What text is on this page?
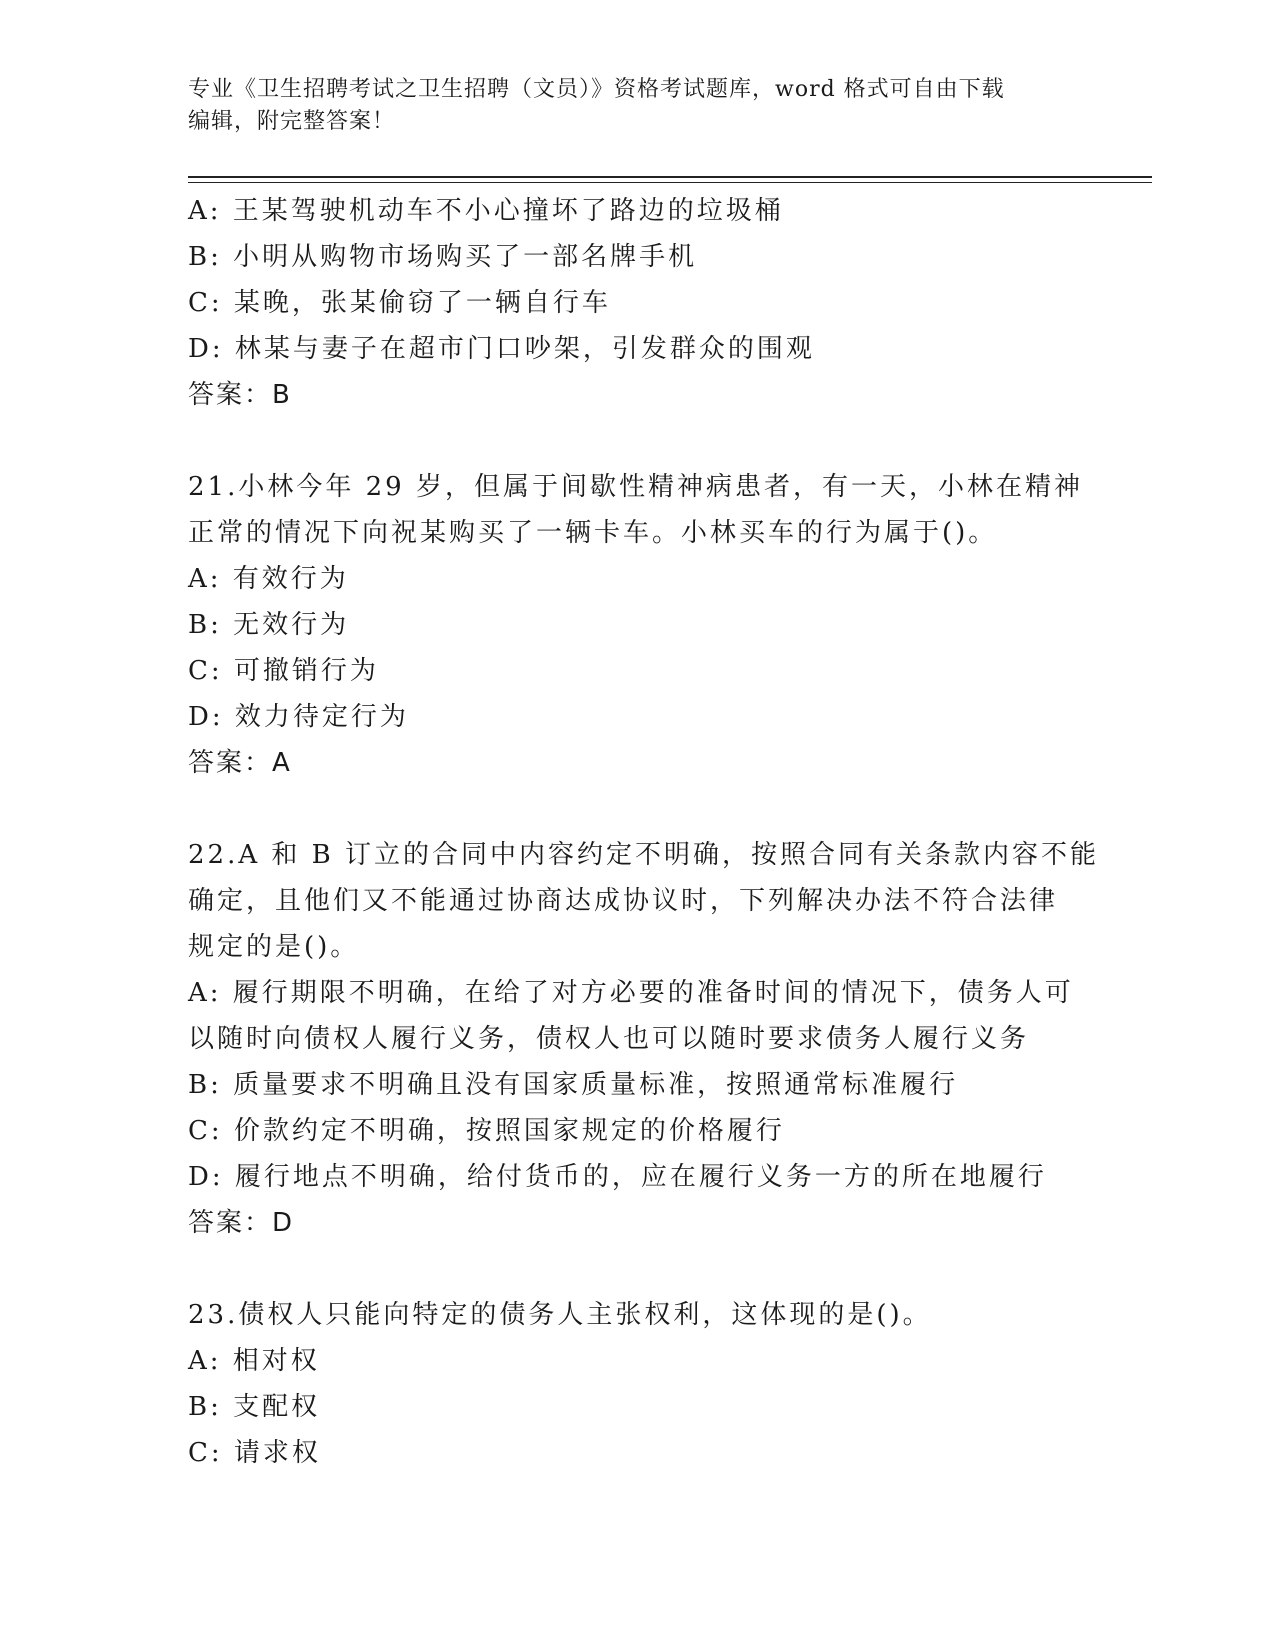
专业《卫生招聘考试之卫生招聘（文员）》资格考试题库，word 格式可自由下载
编辑，附完整答案！
A: 王某驾驶机动车不小心撞坏了路边的垃圾桶
B: 小明从购物市场购买了一部名牌手机
C: 某晚，张某偷窃了一辆自行车
D: 林某与妻子在超市门口吵架，引发群众的围观
答案：B
21.小林今年 29 岁，但属于间歇性精神病患者，有一天，小林在精神
正常的情况下向祝某购买了一辆卡车。小林买车的行为属于()。
A: 有效行为
B: 无效行为
C: 可撤销行为
D: 效力待定行为
答案：A
22.A 和 B 订立的合同中内容约定不明确，按照合同有关条款内容不能
确定，且他们又不能通过协商达成协议时，下列解决办法不符合法律
规定的是()。
A: 履行期限不明确，在给了对方必要的准备时间的情况下，债务人可
以随时向债权人履行义务，债权人也可以随时要求债务人履行义务
B: 质量要求不明确且没有国家质量标准，按照通常标准履行
C: 价款约定不明确，按照国家规定的价格履行
D: 履行地点不明确，给付货币的，应在履行义务一方的所在地履行
答案：D
23.债权人只能向特定的债务人主张权利，这体现的是()。
A: 相对权
B: 支配权
C: 请求权
